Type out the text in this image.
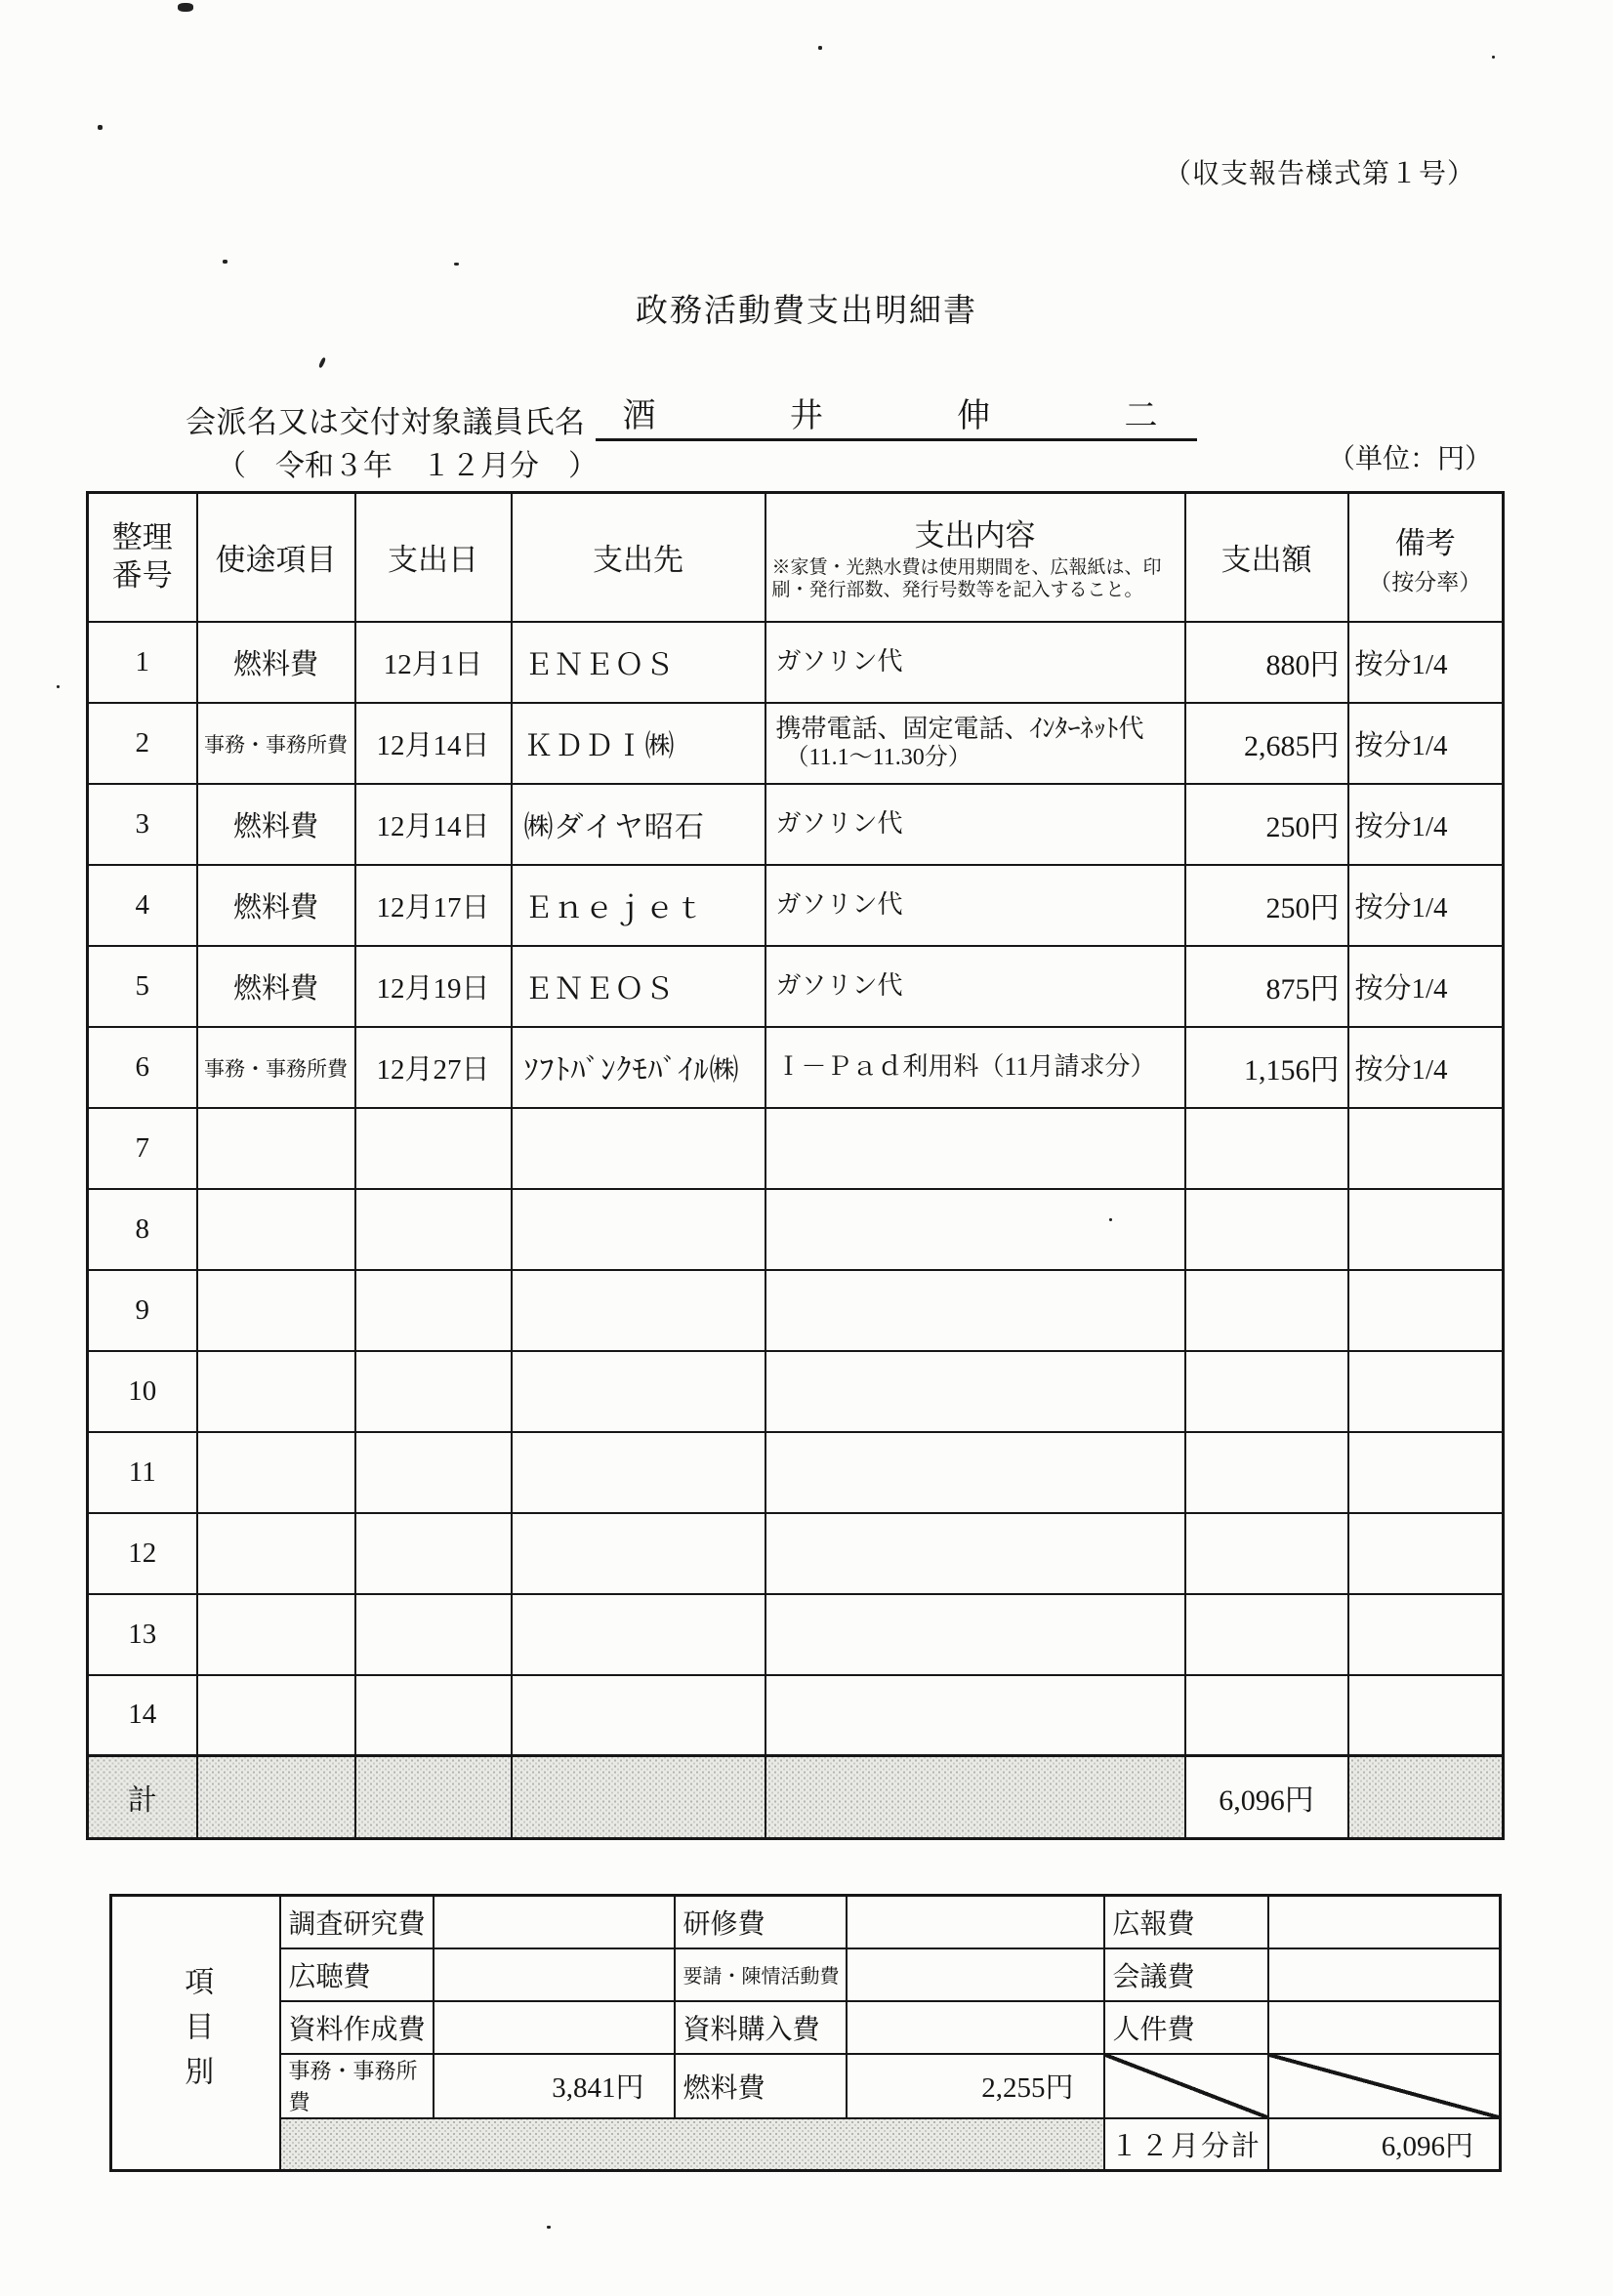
（収支報告様式第１号）
政務活動費支出明細書
会派名又は交付対象議員氏名 酒	井	伸	二
（　令和３年　１２月分　）	（単位：円）
整理番号	使途項目	支出日	支出先	支出内容
※家賃・光熱水費は使用期間を、広報紙は、印刷・発行部数、発行号数等を記入すること。	支出額	備考
（按分率）

1	燃料費	12月1日	ＥＮＥＯＳ	ガソリン代	880円	按分1/4
2	事務・事務所費	12月14日	ＫＤＤＩ㈱	携帯電話、固定電話、ｲﾝﾀｰﾈｯﾄ代
（11.1～11.30分）	2,685円	按分1/4
3	燃料費	12月14日	㈱ダイヤ昭石	ガソリン代	250円	按分1/4
4	燃料費	12月17日	Ｅｎｅｊｅｔ	ガソリン代	250円	按分1/4
5	燃料費	12月19日	ＥＮＥＯＳ	ガソリン代	875円	按分1/4
6	事務・事務所費	12月27日	ｿﾌﾄﾊﾞﾝｸﾓﾊﾞｲﾙ㈱	Ｉ－Ｐａｄ利用料（11月請求分）	1,156円	按分1/4
7						
8						
9						
10						
11						
12						
13						
14						
計					6,096円	
項目別	調査研究費		研修費		広報費	
	広聴費		要請・陳情活動費		会議費	
	資料作成費		資料購入費		人件費	
	事務・事務所費	3,841円	燃料費	2,255円		
					１２月分計	6,096円
